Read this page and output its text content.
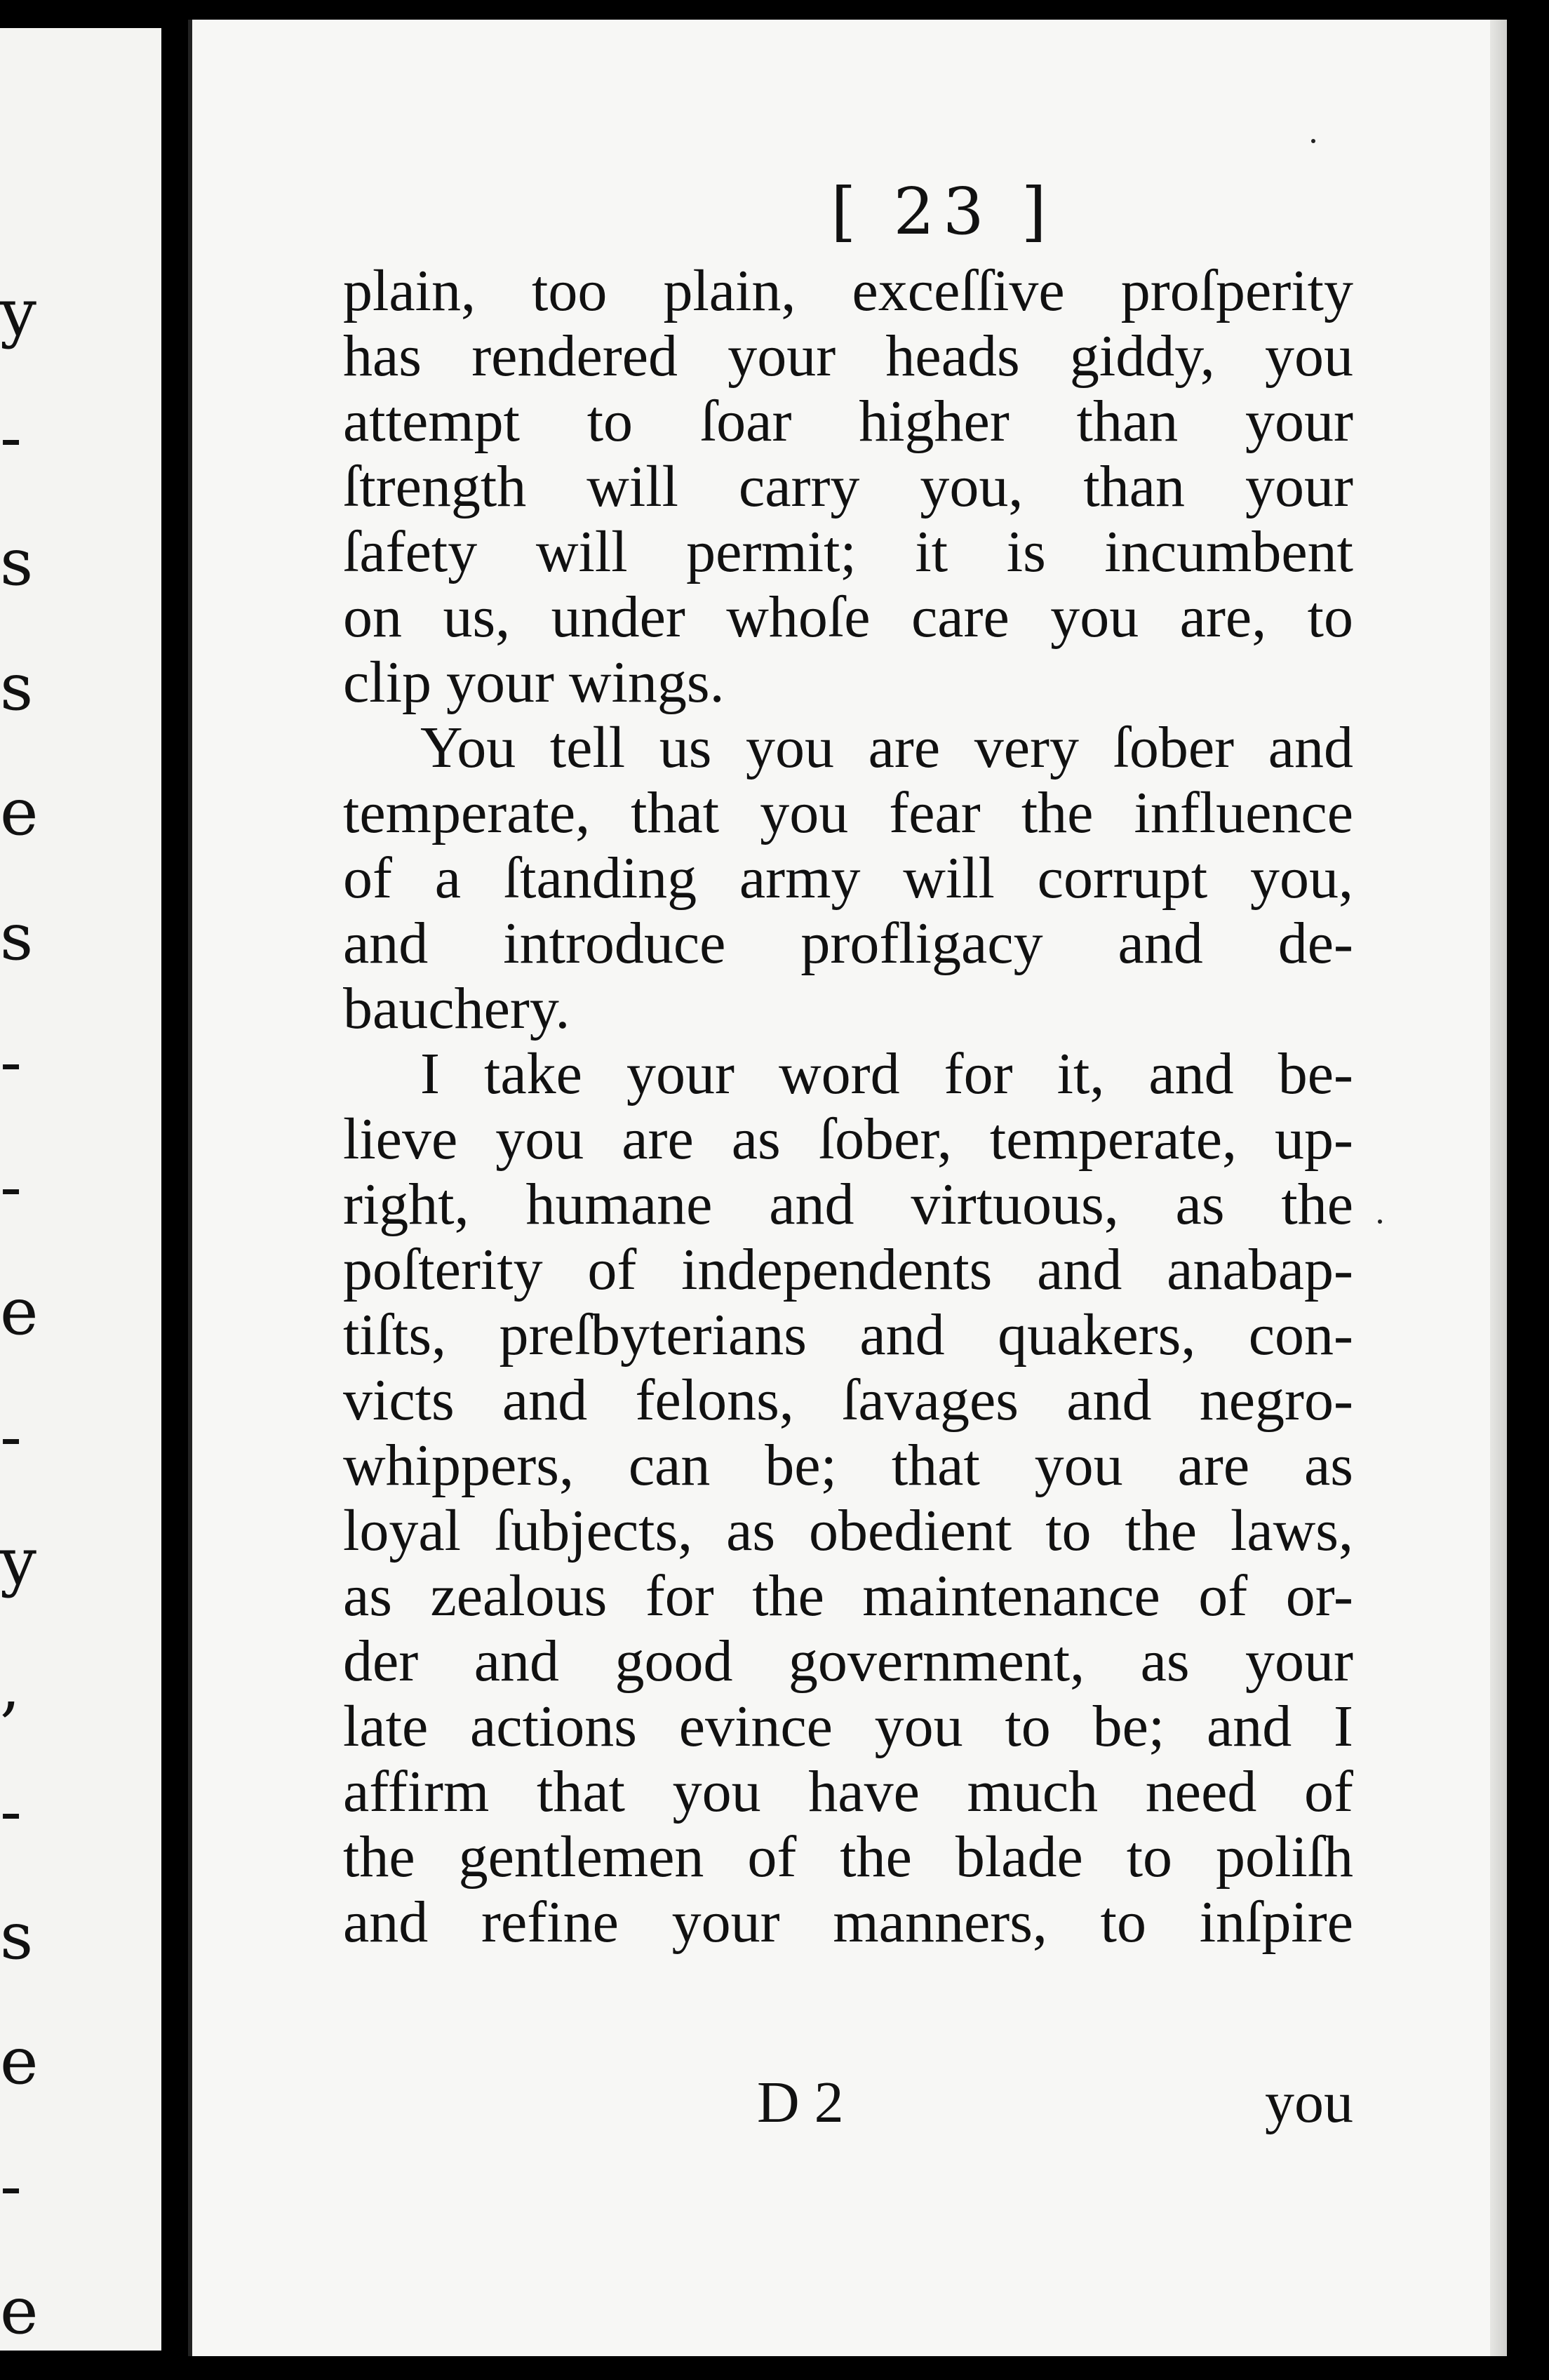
y
-
s
s
e
s
-
-
e
-
y
,
-
s
e
-
e
[ 23 ]

plain, too plain, exceſſive proſperity
has rendered your heads giddy, you
attempt to ſoar higher than your
ſtrength will carry you, than your
ſafety will permit; it is incumbent
on us, under whoſe care you are, to
clip your wings.

You tell us you are very ſober and
temperate, that you fear the influence
of a ſtanding army will corrupt you,
and introduce profligacy and de-
bauchery.

I take your word for it, and be-
lieve you are as ſober, temperate, up-
right, humane and virtuous, as the
poſterity of independents and anabap-
tiſts, preſbyterians and quakers, con-
victs and felons, ſavages and negro-
whippers, can be; that you are as
loyal ſubjects, as obedient to the laws,
as zealous for the maintenance of or-
der and good government, as your
late actions evince you to be; and I
affirm that you have much need of
the gentlemen of the blade to poliſh
and refine your manners, to inſpire

D 2	you
